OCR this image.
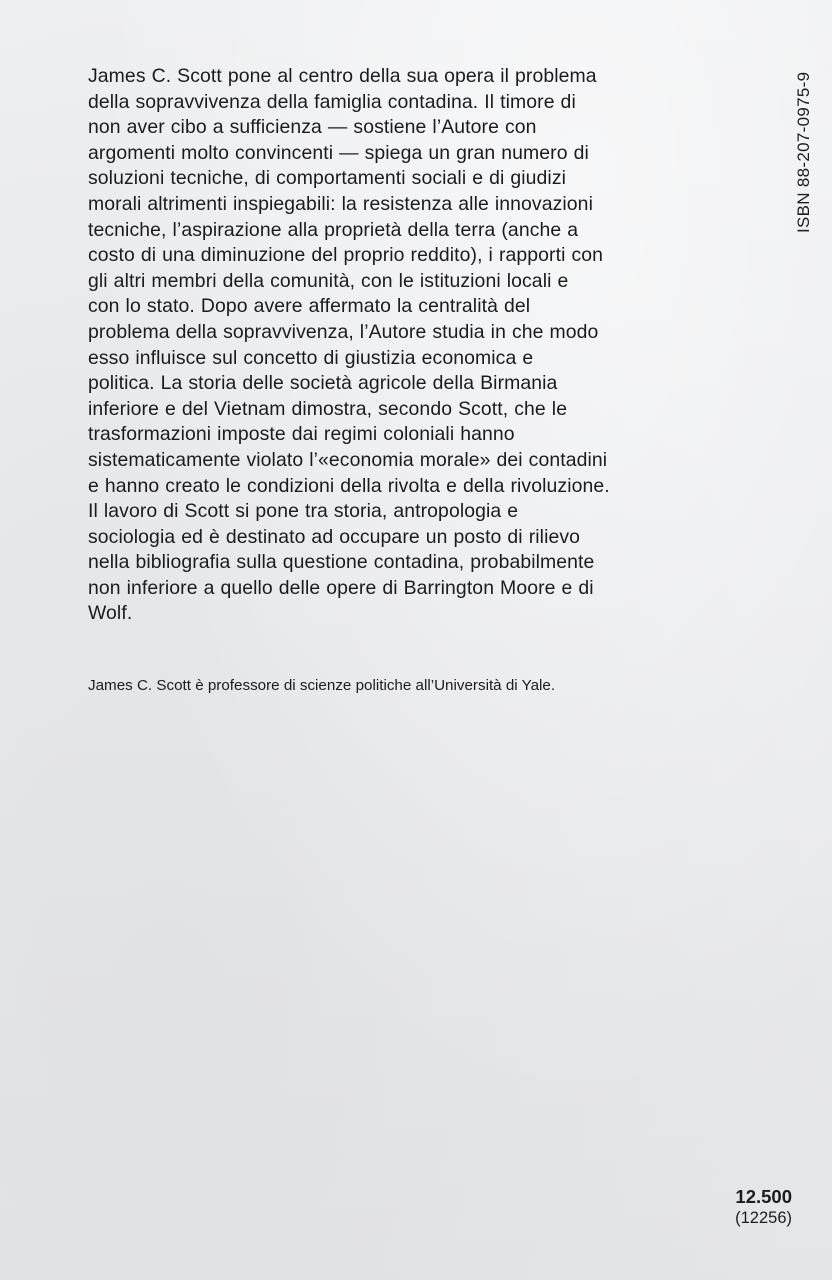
James C. Scott pone al centro della sua opera il problema
della sopravvivenza della famiglia contadina. Il timore di
non aver cibo a sufficienza — sostiene l’Autore con
argomenti molto convincenti — spiega un gran numero di
soluzioni tecniche, di comportamenti sociali e di giudizi
morali altrimenti inspiegabili: la resistenza alle innovazioni
tecniche, l’aspirazione alla proprietà della terra (anche a
costo di una diminuzione del proprio reddito), i rapporti con
gli altri membri della comunità, con le istituzioni locali e
con lo stato. Dopo avere affermato la centralità del
problema della sopravvivenza, l’Autore studia in che modo
esso influisce sul concetto di giustizia economica e
politica. La storia delle società agricole della Birmania
inferiore e del Vietnam dimostra, secondo Scott, che le
trasformazioni imposte dai regimi coloniali hanno
sistematicamente violato l’«economia morale» dei contadini
e hanno creato le condizioni della rivolta e della rivoluzione.
Il lavoro di Scott si pone tra storia, antropologia e
sociologia ed è destinato ad occupare un posto di rilievo
nella bibliografia sulla questione contadina, probabilmente
non inferiore a quello delle opere di Barrington Moore e di
Wolf.

James C. Scott è professore di scienze politiche all’Università di Yale.

ISBN 88-207-0975-9
12.500
(12256)
